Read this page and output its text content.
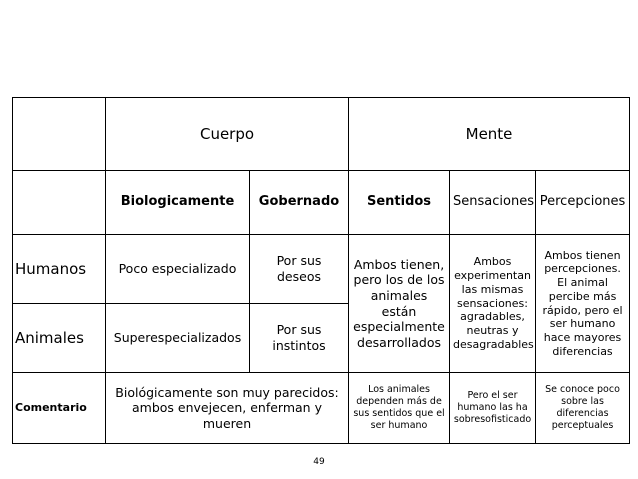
	Cuerpo		Mente		
	Biologicamente	Gobernado	Sentidos	Sensaciones	Percepciones
Humanos	Poco especializado	Por sus deseos	Ambos tienen, pero los de los animales están especialmente desarrollados	Ambos experimentan las mismas sensaciones: agradables, neutras y desagradables	Ambos tienen percepciones. El animal percibe más rápido, pero el ser humano hace mayores diferencias
Animales	Superespecializados	Por sus instintos			
Comentario	Biológicamente son muy parecidos: ambos envejecen, enferman y mueren		Los animales dependen más de sus sentidos que el ser humano	Pero el ser humano las ha sobresofisticado	Se conoce poco sobre las diferencias perceptuales
49
